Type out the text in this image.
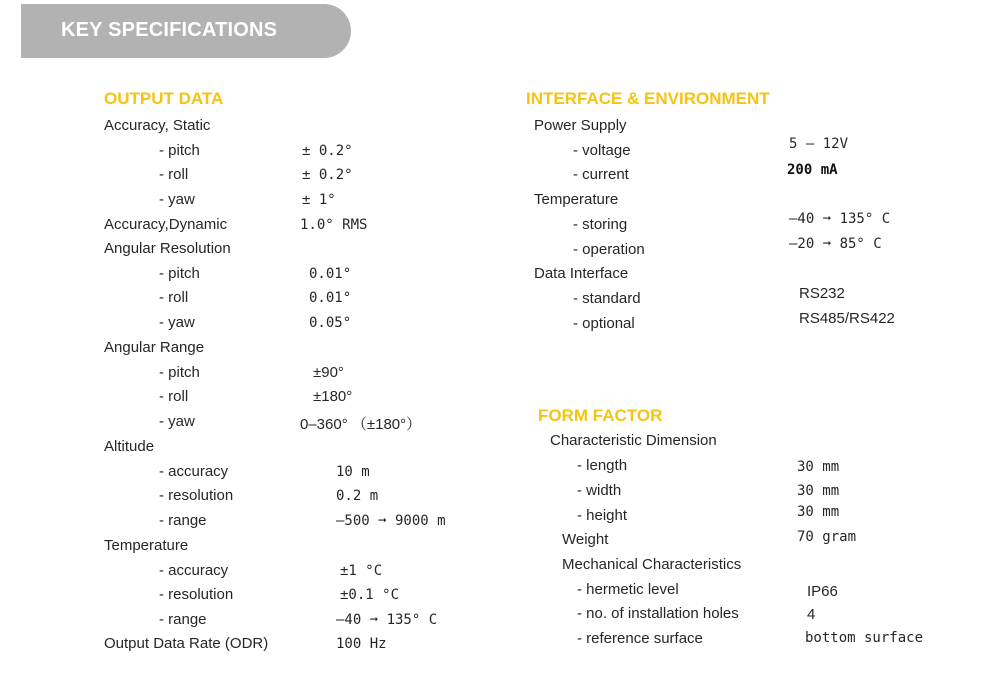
KEY SPECIFICATIONS
OUTPUT DATA
Accuracy, Static
- pitch	± 0.2°
- roll	± 0.2°
- yaw	± 1°
Accuracy,Dynamic	1.0° RMS
Angular Resolution
- pitch	0.01°
- roll	0.01°
- yaw	0.05°
Angular Range
- pitch	±90°
- roll	±180°
- yaw	0–360° （±180°）
Altitude
- accuracy	10 m
- resolution	0.2 m
- range	–500 ➞ 9000 m
Temperature
- accuracy	±1 °C
- resolution	±0.1 °C
- range	–40 ➞ 135° C
Output Data Rate (ODR)	100 Hz
INTERFACE & ENVIRONMENT
Power Supply
- voltage	5 – 12V
- current	200 mA
Temperature
- storing	–40 ➞ 135° C
- operation	–20 ➞ 85° C
Data Interface
- standard	RS232
- optional	RS485/RS422
FORM FACTOR
Characteristic Dimension
- length	30 mm
- width	30 mm
- height	30 mm
Weight	70 gram
Mechanical Characteristics
- hermetic level	IP66
- no. of installation holes	4
- reference surface	bottom surface
